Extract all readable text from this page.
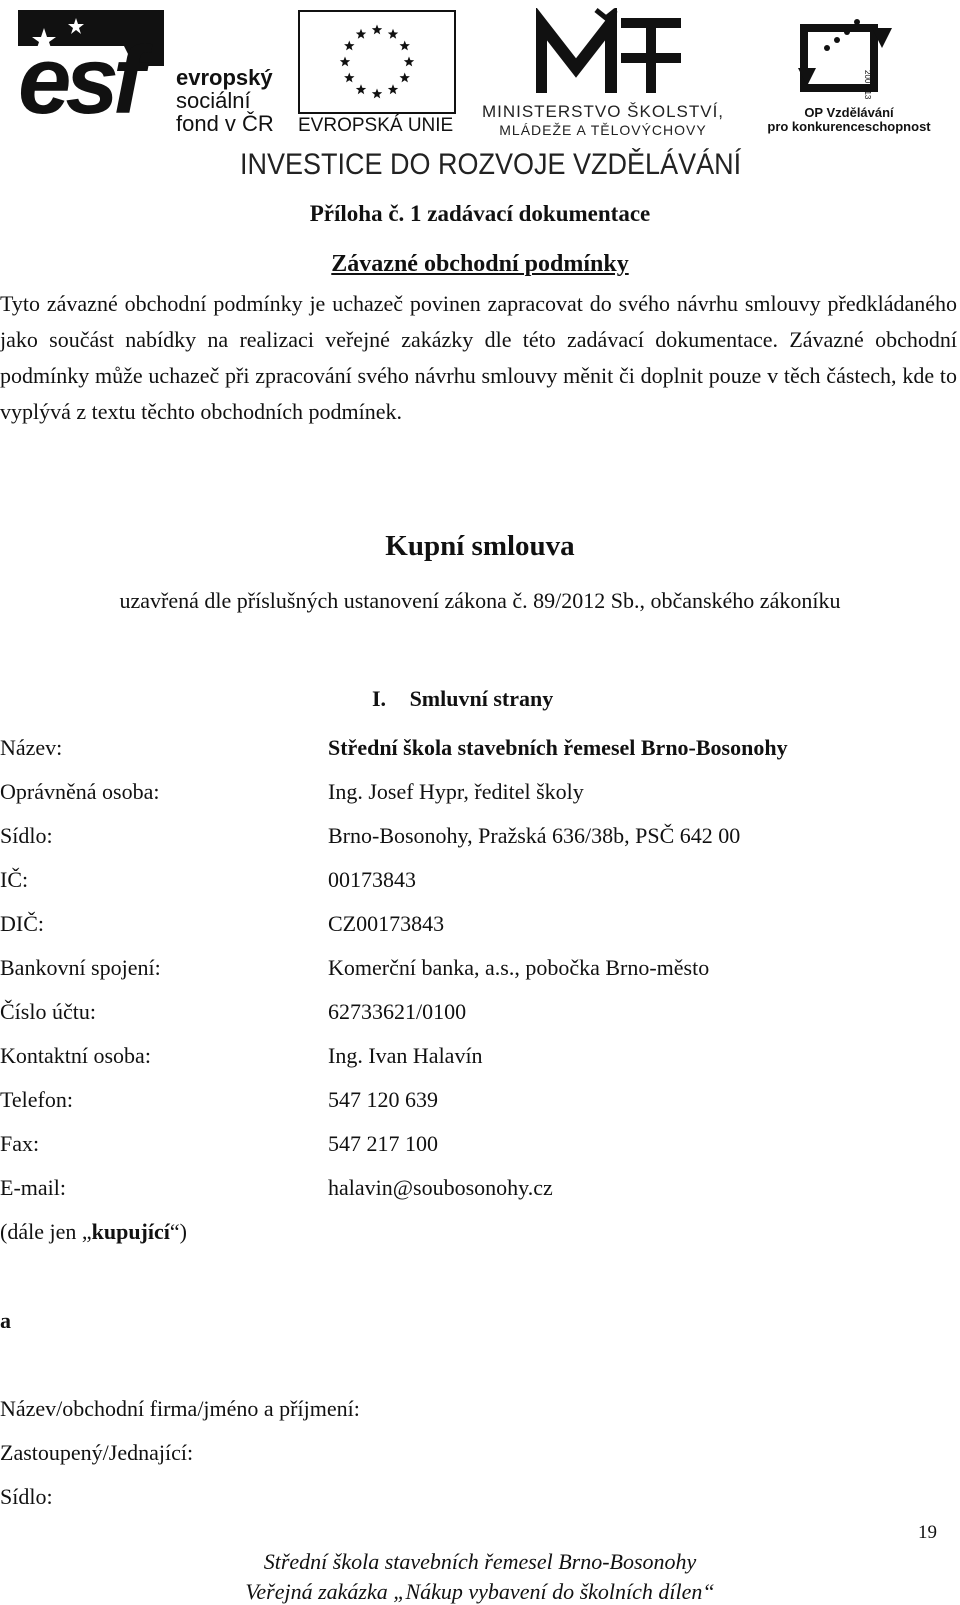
esf evropský
sociální
fond v ČR EVROPSKÁ UNIE
MINISTERSTVO ŠKOLSTVÍ,
MLÁDEŽE A TĚLOVÝCHOVY
2007-13
OP Vzdělávání
pro konkurenceschopnost
INVESTICE DO ROZVOJE VZDĚLÁVÁNÍ
Příloha č. 1 zadávací dokumentace
Závazné obchodní podmínky
Tyto závazné obchodní podmínky je uchazeč povinen zapracovat do svého návrhu smlouvy předkládaného jako součást nabídky na realizaci veřejné zakázky dle této zadávací dokumentace. Závazné obchodní podmínky může uchazeč při zpracování svého návrhu smlouvy měnit či doplnit pouze v těch částech, kde to vyplývá z textu těchto obchodních podmínek.
Kupní smlouva
uzavřená dle příslušných ustanovení zákona č. 89/2012 Sb., občanského zákoníku
I. Smluvní strany
Název:	Střední škola stavebních řemesel Brno-Bosonohy
Oprávněná osoba:	Ing. Josef Hypr, ředitel školy
Sídlo:	Brno-Bosonohy, Pražská 636/38b, PSČ 642 00
IČ:	00173843
DIČ:	CZ00173843
Bankovní spojení:	Komerční banka, a.s., pobočka Brno-město
Číslo účtu:	62733621/0100
Kontaktní osoba:	Ing. Ivan Halavín
Telefon:	547 120 639
Fax:	547 217 100
E-mail:	halavin@soubosonohy.cz
(dále jen „kupující“)
a
Název/obchodní firma/jméno a příjmení:
Zastoupený/Jednající:
Sídlo:
19
Střední škola stavebních řemesel Brno-Bosonohy
Veřejná zakázka „Nákup vybavení do školních dílen“
